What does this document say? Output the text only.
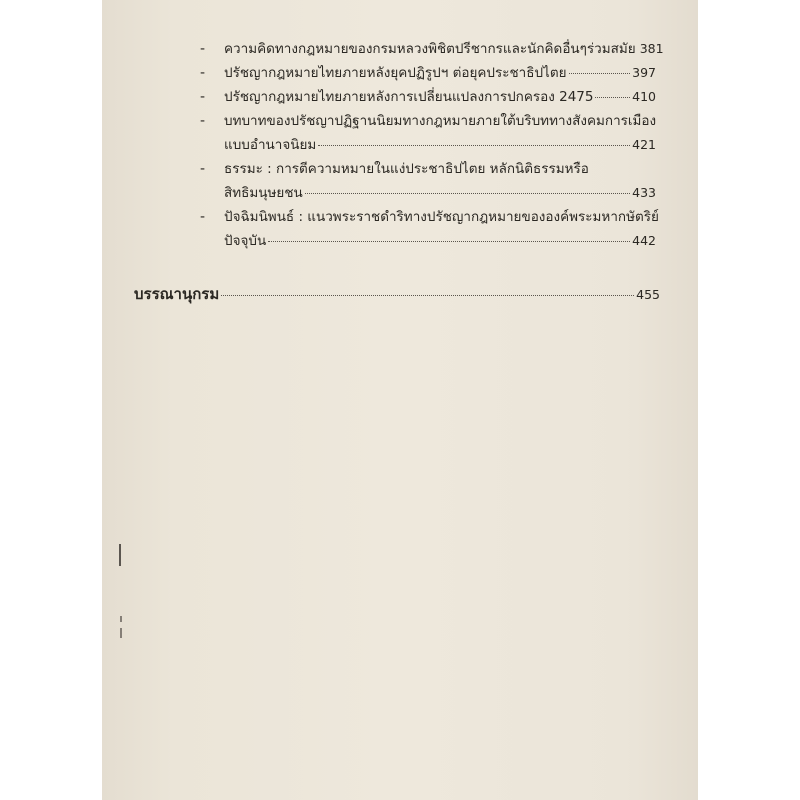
- ความคิดทางกฎหมายของกรมหลวงพิชิตปรีชากรและนักคิดอื่นๆร่วมสมัย 381
- ปรัชญากฎหมายไทยภายหลังยุคปฏิรูปฯ ต่อยุคประชาธิปไตย	397
- ปรัชญากฎหมายไทยภายหลังการเปลี่ยนแปลงการปกครอง 2475	410
- บทบาทของปรัชญาปฏิฐานนิยมทางกฎหมายภายใต้บริบททางสังคมการเมือง
แบบอำนาจนิยม	421
- ธรรมะ : การตีความหมายในแง่ประชาธิปไตย หลักนิติธรรมหรือ
สิทธิมนุษยชน	433
- ปัจฉิมนิพนธ์ : แนวพระราชดำริทางปรัชญากฎหมายขององค์พระมหากษัตริย์
ปัจจุบัน	442
บรรณานุกรม	455
